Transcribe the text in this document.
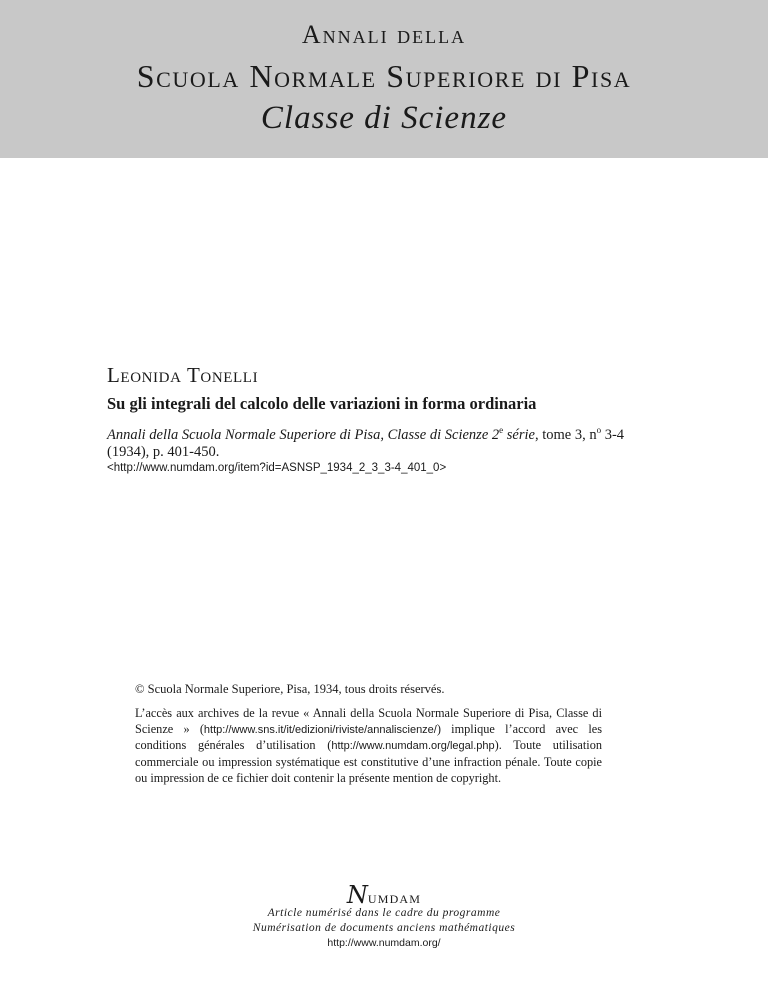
Annali della
Scuola Normale Superiore di Pisa
Classe di Scienze
Leonida Tonelli
Su gli integrali del calcolo delle variazioni in forma ordinaria
Annali della Scuola Normale Superiore di Pisa, Classe di Scienze 2e série, tome 3, $n^o$ 3-4 (1934), p. 401-450.
<http://www.numdam.org/item?id=ASNSP_1934_2_3_3-4_401_0>
© Scuola Normale Superiore, Pisa, 1934, tous droits réservés.
L’accès aux archives de la revue « Annali della Scuola Normale Superiore di Pisa, Classe di Scienze » (http://www.sns.it/it/edizioni/riviste/annaliscienze/) implique l’accord avec les conditions générales d’utilisation (http://www.numdam.org/legal.php). Toute utilisation commerciale ou impression systématique est constitutive d’une infraction pénale. Toute copie ou impression de ce fichier doit contenir la présente mention de copyright.
Numdam
Article numérisé dans le cadre du programme
Numérisation de documents anciens mathématiques
http://www.numdam.org/
